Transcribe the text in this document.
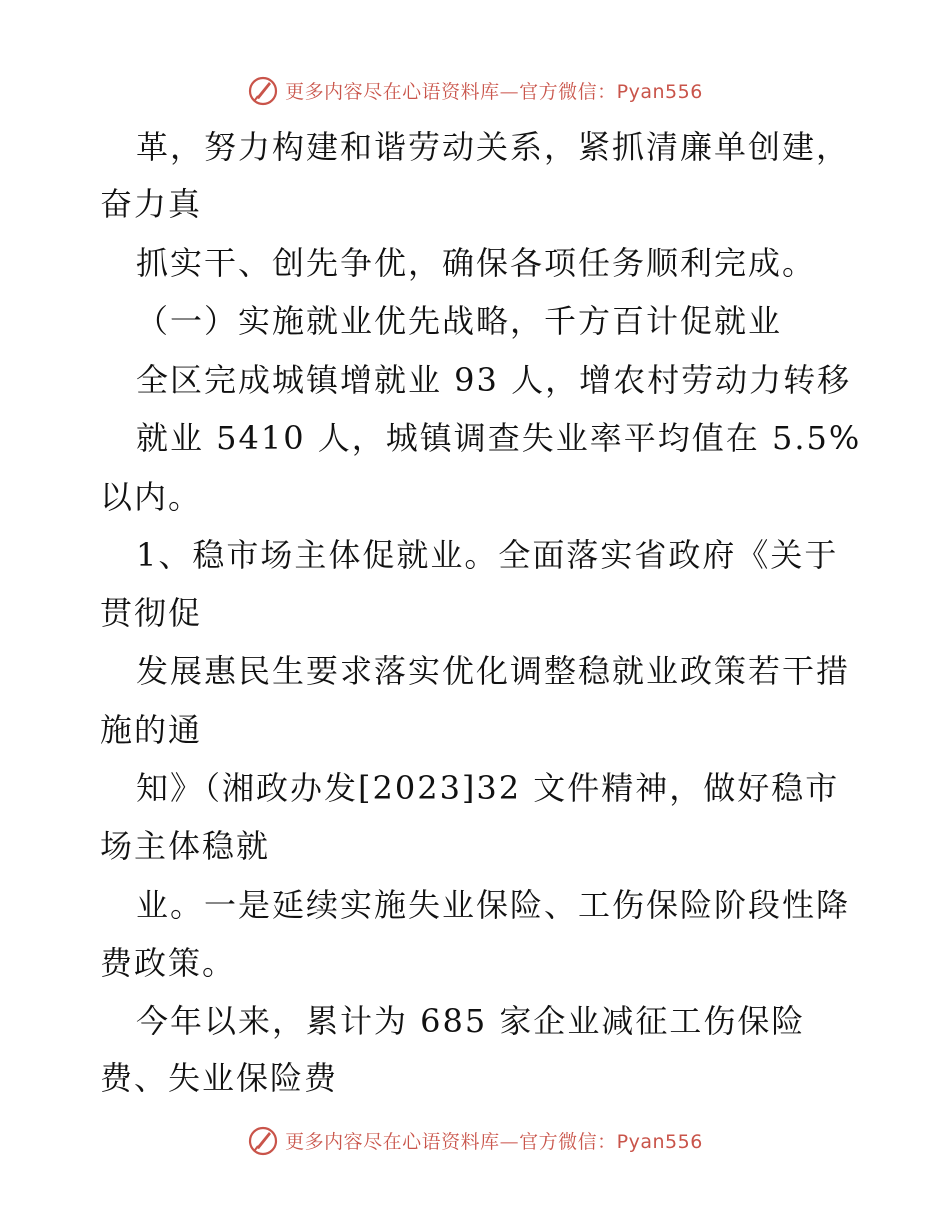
更多内容尽在心语资料库—官方微信：Pyan556
革，努力构建和谐劳动关系，紧抓清廉单创建，
奋力真
抓实干、创先争优，确保各项任务顺利完成。
（一）实施就业优先战略，千方百计促就业
全区完成城镇增就业 93 人，增农村劳动力转移
就业 5410 人，城镇调查失业率平均值在 5.5%
以内。
1、稳市场主体促就业。全面落实省政府《关于
贯彻促
发展惠民生要求落实优化调整稳就业政策若干措
施的通
知》（湘政办发[2023]32 文件精神，做好稳市
场主体稳就
业。一是延续实施失业保险、工伤保险阶段性降
费政策。
今年以来，累计为 685 家企业减征工伤保险
费、失业保险费
更多内容尽在心语资料库—官方微信：Pyan556
